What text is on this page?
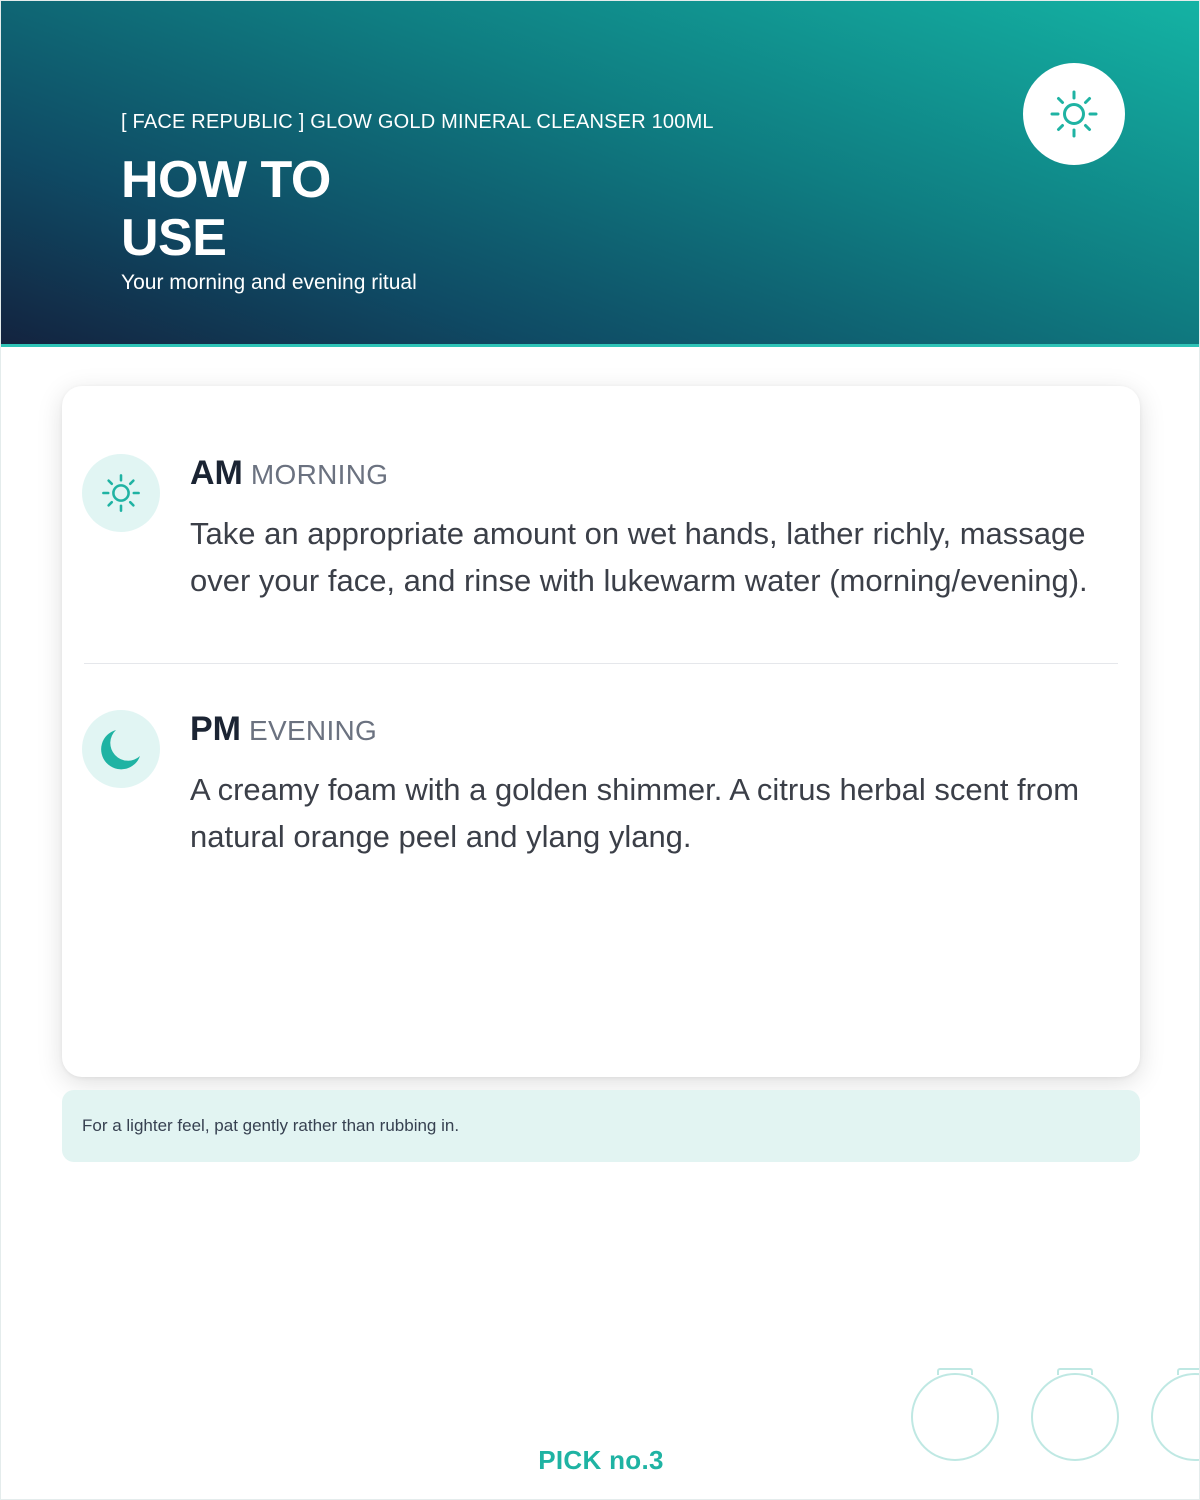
[ FACE REPUBLIC ] GLOW GOLD MINERAL CLEANSER 100ML
HOW TO
USE
Your morning and evening ritual
AM MORNING

Take an appropriate amount on wet hands, lather richly, massage over your face, and rinse with lukewarm water (morning/evening).

PM EVENING

A creamy foam with a golden shimmer. A citrus herbal scent from natural orange peel and ylang ylang.

For a lighter feel, pat gently rather than rubbing in.
PICK no.3
